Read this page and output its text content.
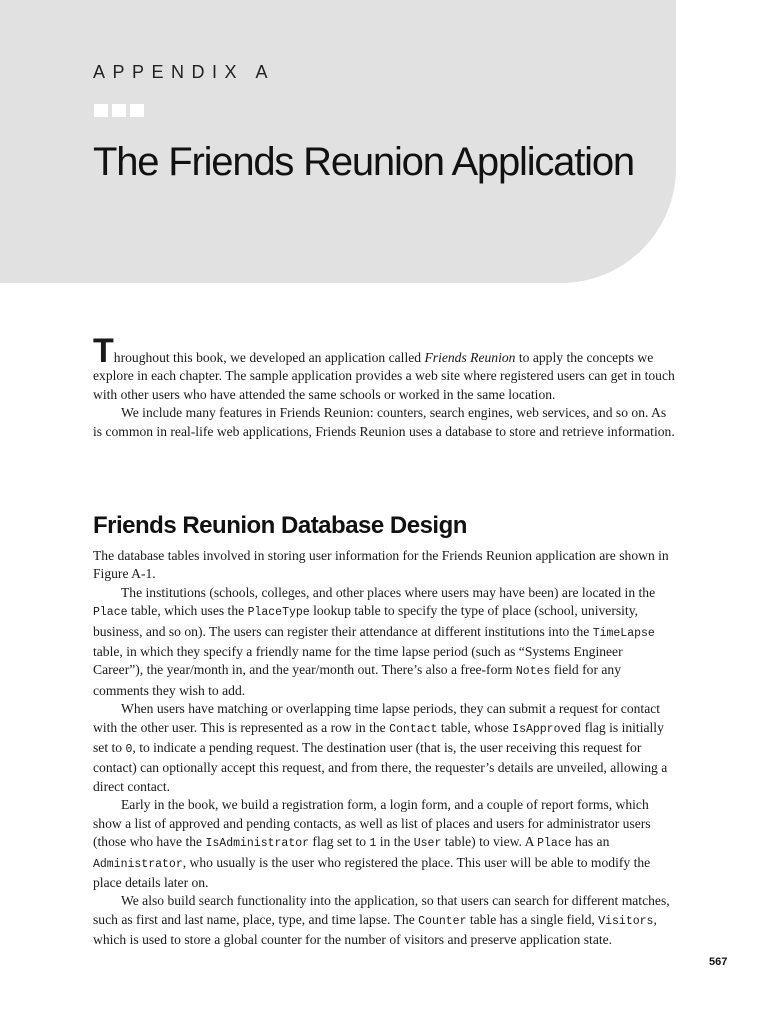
APPENDIX A
The Friends Reunion Application

Throughout this book, we developed an application called Friends Reunion to apply the concepts we explore in each chapter. The sample application provides a web site where registered users can get in touch with other users who have attended the same schools or worked in the same location.

We include many features in Friends Reunion: counters, search engines, web services, and so on. As is common in real-life web applications, Friends Reunion uses a database to store and retrieve information.

Friends Reunion Database Design

The database tables involved in storing user information for the Friends Reunion application are shown in Figure A-1.

The institutions (schools, colleges, and other places where users may have been) are located in the Place table, which uses the PlaceType lookup table to specify the type of place (school, university, business, and so on). The users can register their attendance at different institutions into the TimeLapse table, in which they specify a friendly name for the time lapse period (such as “Systems Engineer Career”), the year/month in, and the year/month out. There’s also a free-form Notes field for any comments they wish to add.

When users have matching or overlapping time lapse periods, they can submit a request for contact with the other user. This is represented as a row in the Contact table, whose IsApproved flag is initially set to 0, to indicate a pending request. The destination user (that is, the user receiving this request for contact) can optionally accept this request, and from there, the requester’s details are unveiled, allowing a direct contact.

Early in the book, we build a registration form, a login form, and a couple of report forms, which show a list of approved and pending contacts, as well as list of places and users for administrator users (those who have the IsAdministrator flag set to 1 in the User table) to view. A Place has an Administrator, who usually is the user who registered the place. This user will be able to modify the place details later on.

We also build search functionality into the application, so that users can search for different matches, such as first and last name, place, type, and time lapse. The Counter table has a single field, Visitors, which is used to store a global counter for the number of visitors and preserve application state.

567
